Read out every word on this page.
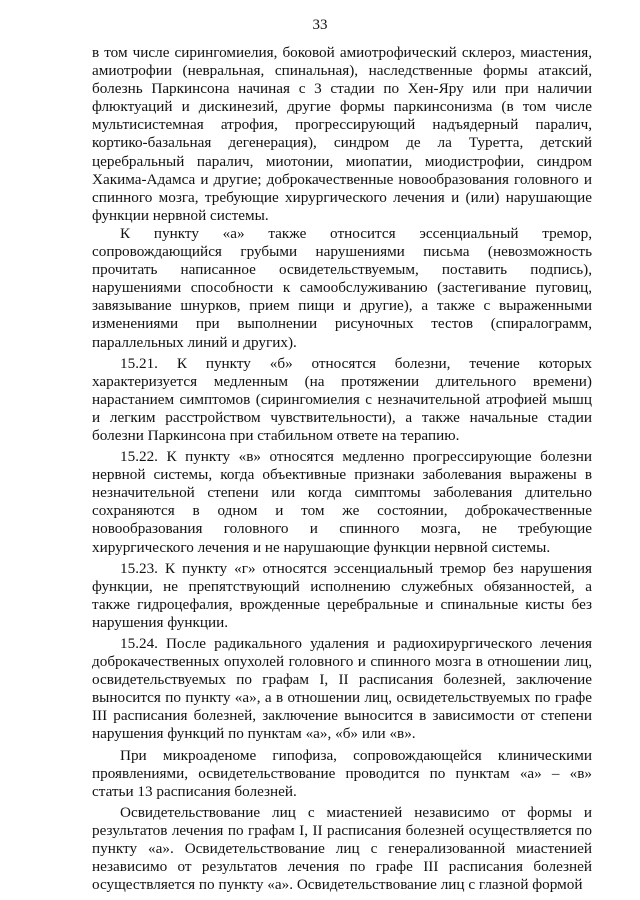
33

в том числе сирингомиелия, боковой амиотрофический склероз, миастения, амиотрофии (невральная, спинальная), наследственные формы атаксий, болезнь Паркинсона начиная с 3 стадии по Хен-Яру или при наличии флюктуаций и дискинезий, другие формы паркинсонизма (в том числе мультисистемная атрофия, прогрессирующий надъядерный паралич, кортико-базальная дегенерация), синдром де ла Туретта, детский церебральный паралич, миотонии, миопатии, миодистрофии, синдром Хакима-Адамса и другие; доброкачественные новообразования головного и спинного мозга, требующие хирургического лечения и (или) нарушающие функции нервной системы.

К пункту «а» также относится эссенциальный тремор, сопровождающийся грубыми нарушениями письма (невозможность прочитать написанное освидетельствуемым, поставить подпись), нарушениями способности к самообслуживанию (застегивание пуговиц, завязывание шнурков, прием пищи и другие), а также с выраженными изменениями при выполнении рисуночных тестов (спиралограмм, параллельных линий и других).

15.21. К пункту «б» относятся болезни, течение которых характеризуется медленным (на протяжении длительного времени) нарастанием симптомов (сирингомиелия с незначительной атрофией мышц и легким расстройством чувствительности), а также начальные стадии болезни Паркинсона при стабильном ответе на терапию.

15.22. К пункту «в» относятся медленно прогрессирующие болезни нервной системы, когда объективные признаки заболевания выражены в незначительной степени или когда симптомы заболевания длительно сохраняются в одном и том же состоянии, доброкачественные новообразования головного и спинного мозга, не требующие хирургического лечения и не нарушающие функции нервной системы.

15.23. К пункту «г» относятся эссенциальный тремор без нарушения функции, не препятствующий исполнению служебных обязанностей, а также гидроцефалия, врожденные церебральные и спинальные кисты без нарушения функции.

15.24. После радикального удаления и радиохирургического лечения доброкачественных опухолей головного и спинного мозга в отношении лиц, освидетельствуемых по графам I, II расписания болезней, заключение выносится по пункту «а», а в отношении лиц, освидетельствуемых по графе III расписания болезней, заключение выносится в зависимости от степени нарушения функций по пунктам «а», «б» или «в».

При микроаденоме гипофиза, сопровождающейся клиническими проявлениями, освидетельствование проводится по пунктам «а» – «в» статьи 13 расписания болезней.

Освидетельствование лиц с миастенией независимо от формы и результатов лечения по графам I, II расписания болезней осуществляется по пункту «а». Освидетельствование лиц с генерализованной миастенией независимо от результатов лечения по графе III расписания болезней осуществляется по пункту «а». Освидетельствование лиц с глазной формой
